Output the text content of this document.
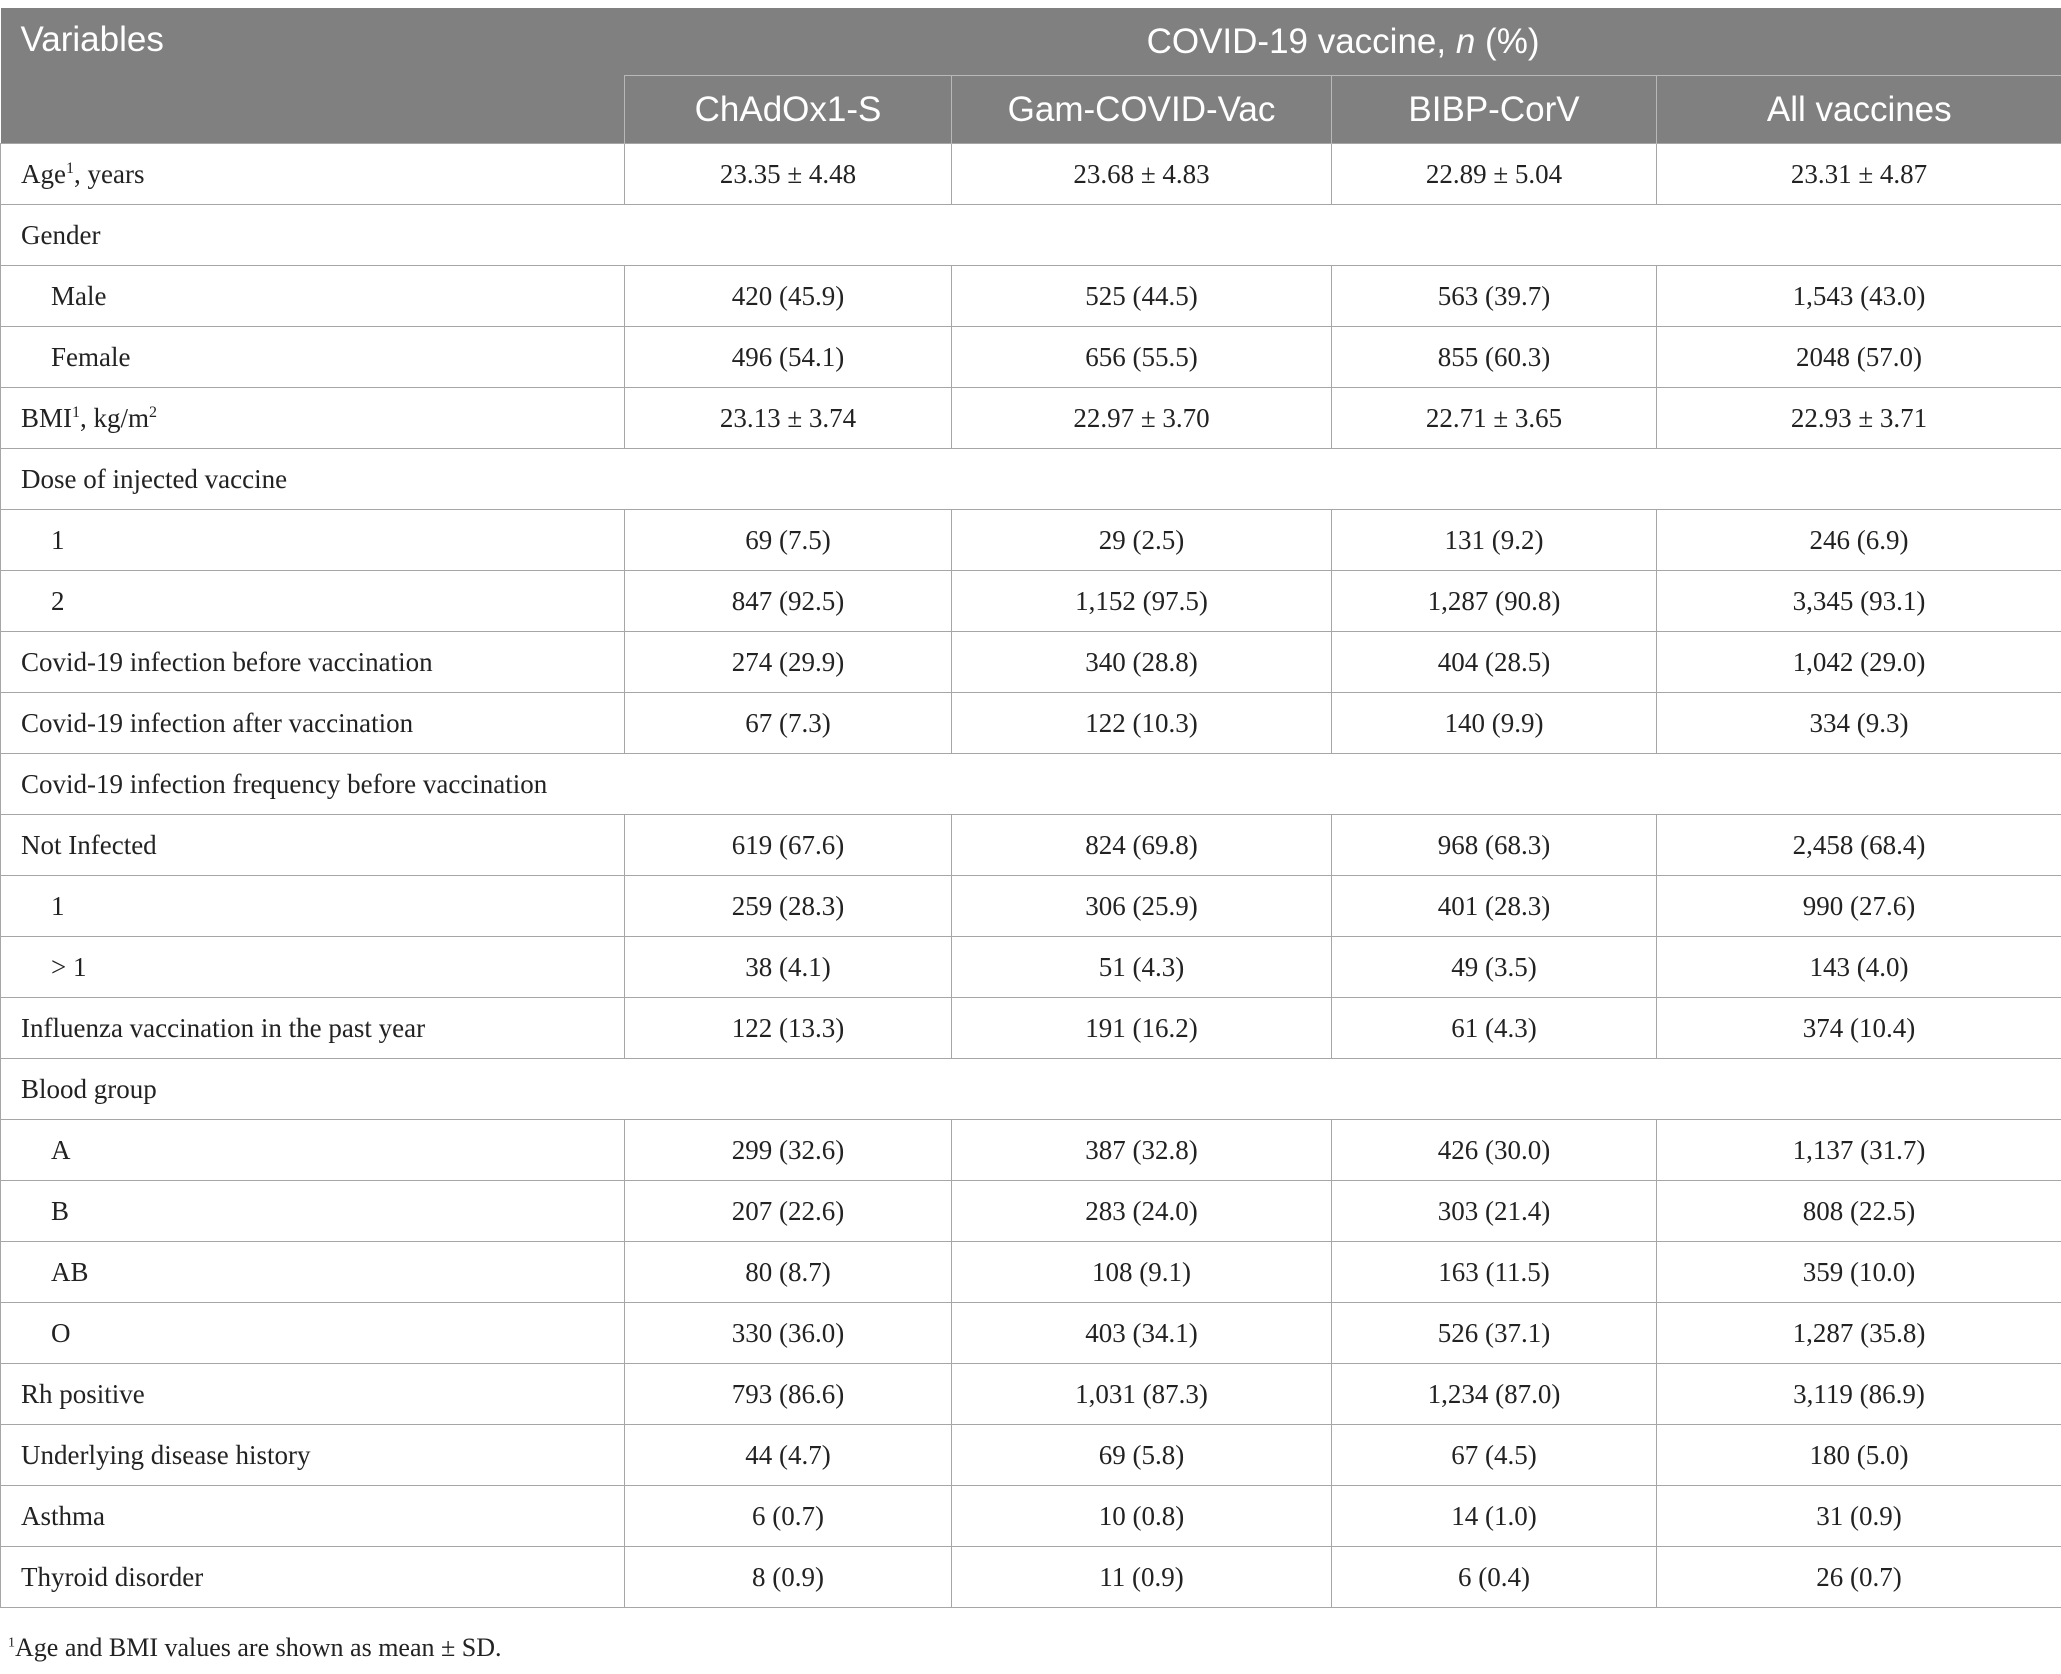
Variables	COVID-19 vaccine, n (%)			
	ChAdOx1-S	Gam-COVID-Vac	BIBP-CorV	All vaccines
Age$^1$, years	23.35 ± 4.48	23.68 ± 4.83	22.89 ± 5.04	23.31 ± 4.87
Gender				
Male	420 (45.9)	525 (44.5)	563 (39.7)	1,543 (43.0)
Female	496 (54.1)	656 (55.5)	855 (60.3)	2048 (57.0)
BMI$^1$, $kg/m^2$	23.13 ± 3.74	22.97 ± 3.70	22.71 ± 3.65	22.93 ± 3.71
Dose of injected vaccine				
1	69 (7.5)	29 (2.5)	131 (9.2)	246 (6.9)
2	847 (92.5)	1,152 (97.5)	1,287 (90.8)	3,345 (93.1)
Covid-19 infection before vaccination	274 (29.9)	340 (28.8)	404 (28.5)	1,042 (29.0)
Covid-19 infection after vaccination	67 (7.3)	122 (10.3)	140 (9.9)	334 (9.3)
Covid-19 infection frequency before vaccination				
Not Infected	619 (67.6)	824 (69.8)	968 (68.3)	2,458 (68.4)
1	259 (28.3)	306 (25.9)	401 (28.3)	990 (27.6)
> 1	38 (4.1)	51 (4.3)	49 (3.5)	143 (4.0)
Influenza vaccination in the past year	122 (13.3)	191 (16.2)	61 (4.3)	374 (10.4)
Blood group				
A	299 (32.6)	387 (32.8)	426 (30.0)	1,137 (31.7)
B	207 (22.6)	283 (24.0)	303 (21.4)	808 (22.5)
AB	80 (8.7)	108 (9.1)	163 (11.5)	359 (10.0)
O	330 (36.0)	403 (34.1)	526 (37.1)	1,287 (35.8)
Rh positive	793 (86.6)	1,031 (87.3)	1,234 (87.0)	3,119 (86.9)
Underlying disease history	44 (4.7)	69 (5.8)	67 (4.5)	180 (5.0)
Asthma	6 (0.7)	10 (0.8)	14 (1.0)	31 (0.9)
Thyroid disorder	8 (0.9)	11 (0.9)	6 (0.4)	26 (0.7)
$^1$Age and BMI values are shown as mean ± SD.
